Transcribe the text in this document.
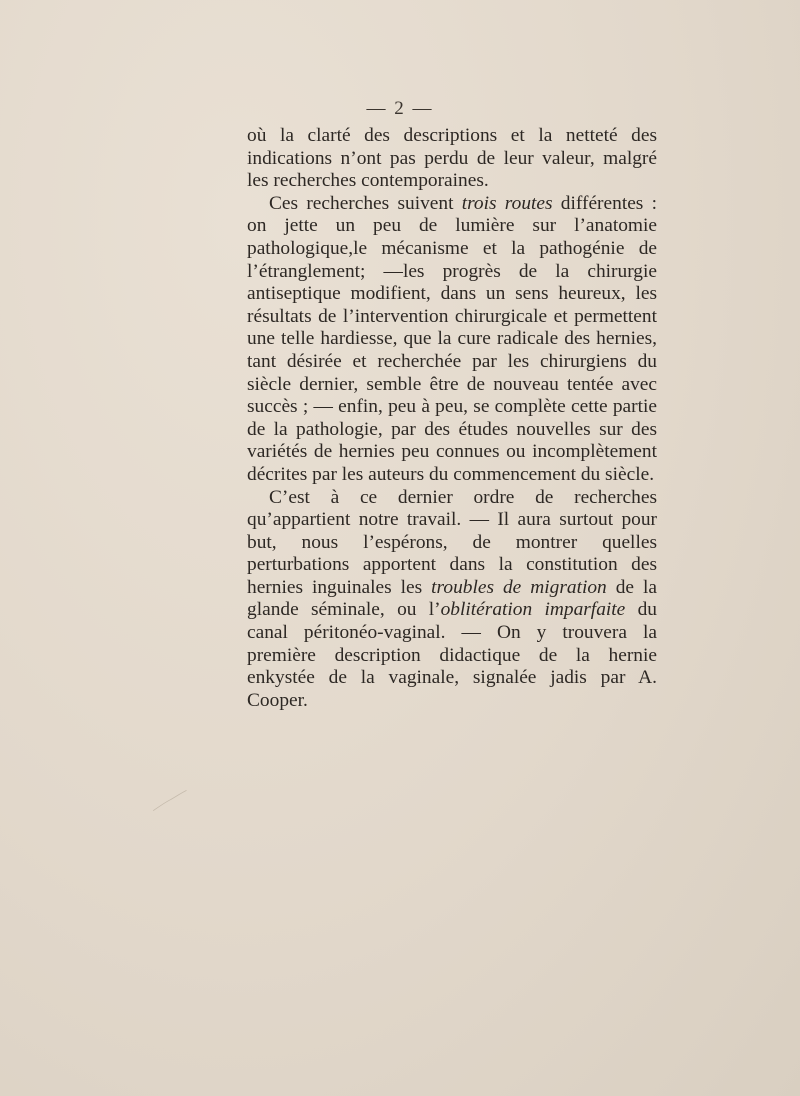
— 2 —

où la clarté des descriptions et la netteté des indications n’ont pas perdu de leur valeur, malgré les recherches contemporaines.

Ces recherches suivent trois routes différentes : on jette un peu de lumière sur l’anatomie pathologique,le mécanisme et la pathogénie de l’étranglement; —les progrès de la chirurgie antiseptique modifient, dans un sens heureux, les résultats de l’intervention chirurgicale et permettent une telle hardiesse, que la cure radicale des hernies, tant désirée et recherchée par les chirurgiens du siècle dernier, semble être de nouveau tentée avec succès ; — enfin, peu à peu, se complète cette partie de la pathologie, par des études nouvelles sur des variétés de hernies peu connues ou incomplètement décrites par les auteurs du commencement du siècle.

C’est à ce dernier ordre de recherches qu’appartient notre travail. — Il aura surtout pour but, nous l’espérons, de montrer quelles perturbations apportent dans la constitution des hernies inguinales les troubles de migration de la glande séminale, ou l’oblitération imparfaite du canal péritonéo-vaginal. — On y trouvera la première description didactique de la hernie enkystée de la vaginale, signalée jadis par A. Cooper.
